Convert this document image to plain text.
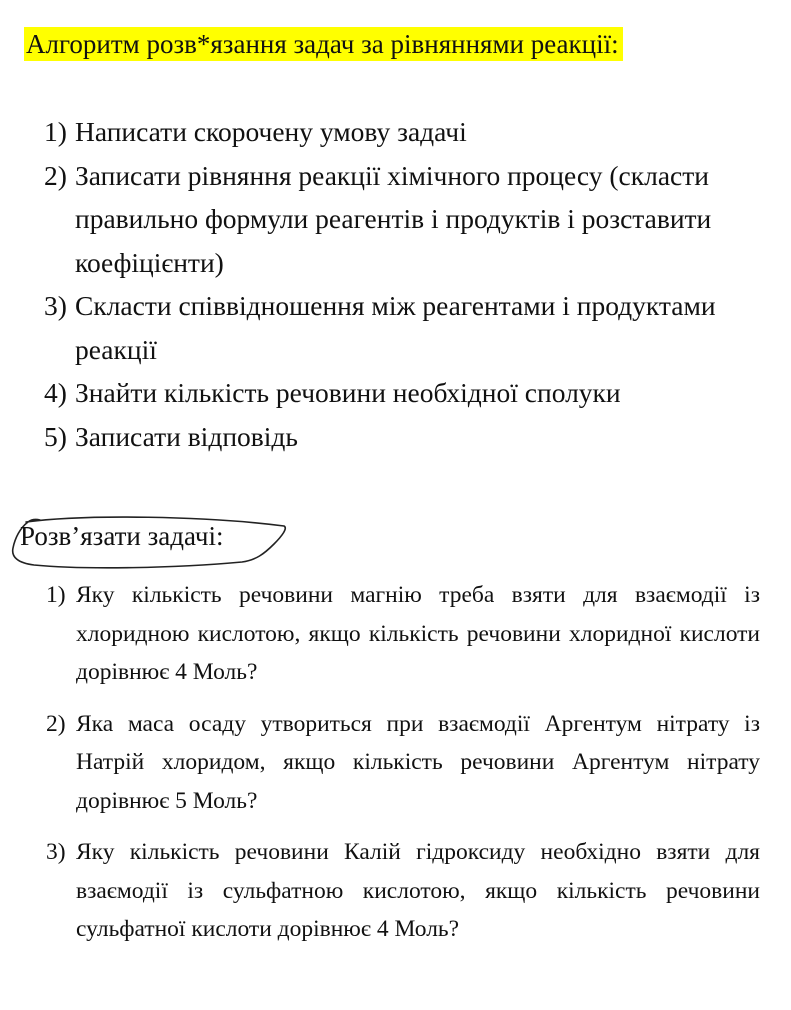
Алгоритм розв*язання задач за рівняннями реакції:
1) Написати скорочену умову задачі
2) Записати рівняння реакції хімічного процесу (скласти правильно формули реагентів і продуктів і розставити коефіцієнти)
3) Скласти співвідношення між реагентами і продуктами реакції
4) Знайти кількість речовини необхідної сполуки
5) Записати відповідь
Розв’язати задачі:
1) Яку кількість речовини магнію треба взяти для взаємодії із хлоридною кислотою, якщо кількість речовини хлоридної кислоти дорівнює 4 Моль?
2) Яка маса осаду утвориться при взаємодії Аргентум нітрату із Натрій хлоридом, якщо кількість речовини Аргентум нітрату дорівнює 5 Моль?
3) Яку кількість речовини Калій гідроксиду необхідно взяти для взаємодії із сульфатною кислотою, якщо кількість речовини сульфатної кислоти дорівнює 4 Моль?
